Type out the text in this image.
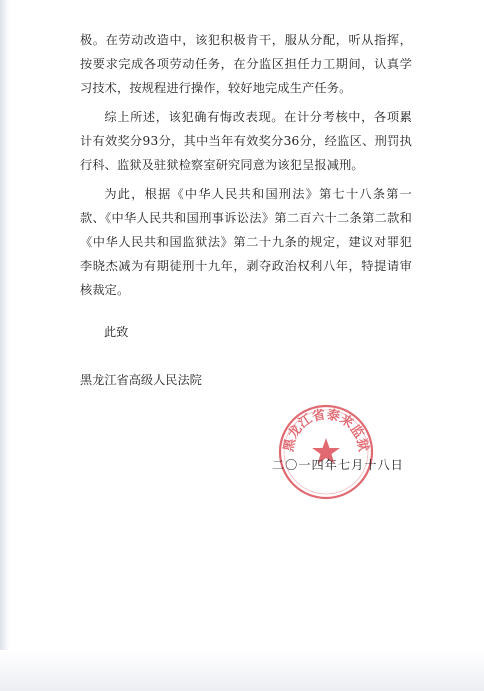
极。在劳动改造中，该犯积极肯干，服从分配，听从指挥，按要求完成各项劳动任务，在分监区担任力工期间，认真学习技术，按规程进行操作，较好地完成生产任务。

综上所述，该犯确有悔改表现。在计分考核中，各项累计有效奖分93分，其中当年有效奖分36分，经监区、刑罚执行科、监狱及驻狱检察室研究同意为该犯呈报减刑。

为此，根据《中华人民共和国刑法》第七十八条第一款、《中华人民共和国刑事诉讼法》第二百六十二条第二款和《中华人民共和国监狱法》第二十九条的规定，建议对罪犯李晓杰减为有期徒刑十九年，剥夺政治权利八年，特提请审核裁定。

此致
黑龙江省高级人民法院
黑龙江省泰来监狱
二〇一四年七月十八日
